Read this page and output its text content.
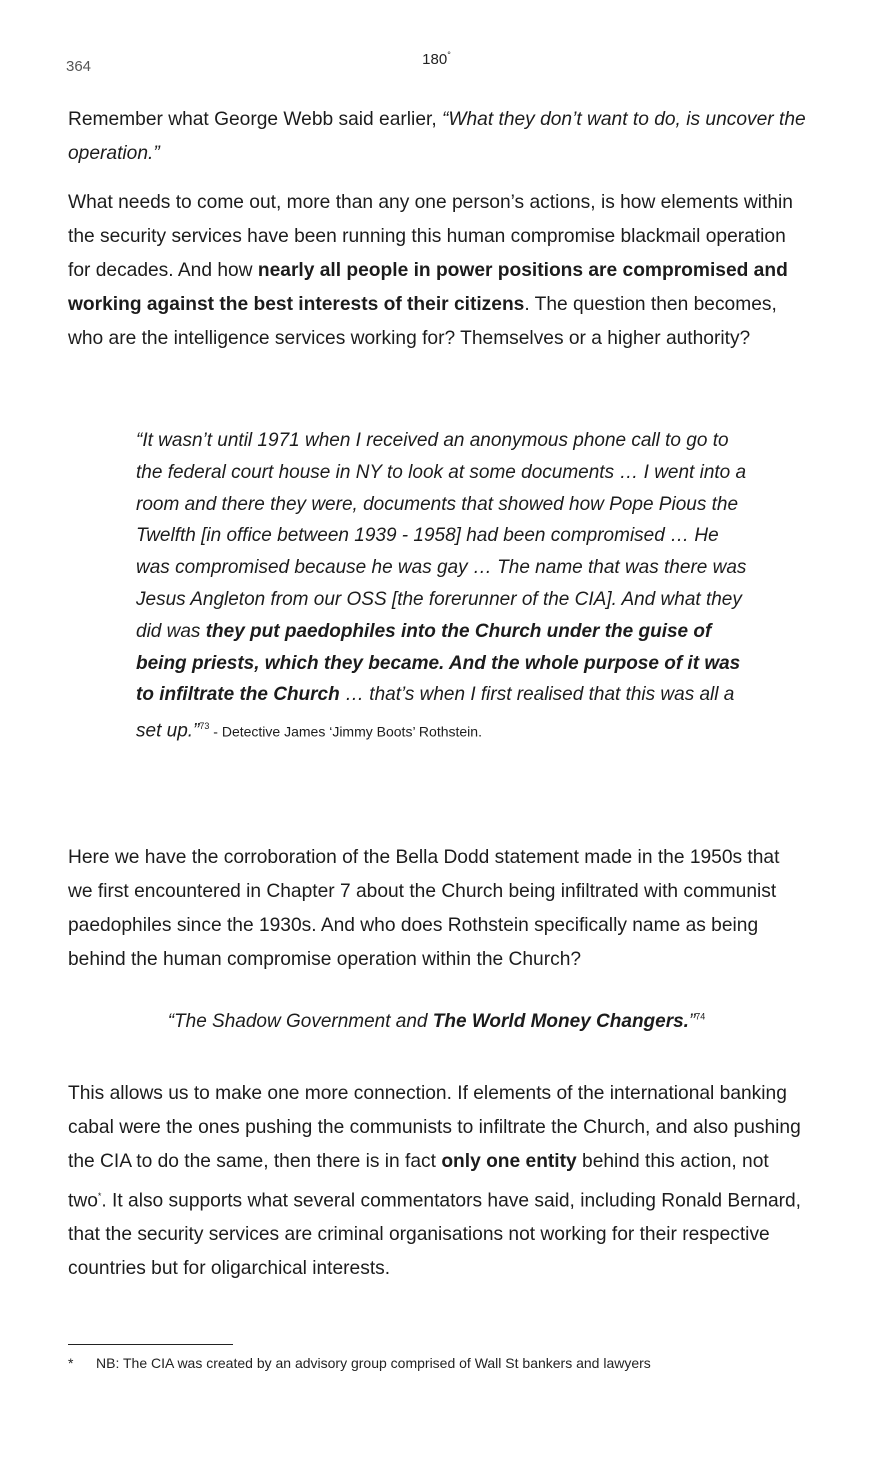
364	180°

Remember what George Webb said earlier, “What they don’t want to do, is uncover the operation.”

What needs to come out, more than any one person’s actions, is how elements within the security services have been running this human compromise blackmail operation for decades. And how nearly all people in power positions are compromised and working against the best interests of their citizens. The question then becomes, who are the intelligence services working for? Themselves or a higher authority?

“It wasn’t until 1971 when I received an anonymous phone call to go to the federal court house in NY to look at some documents … I went into a room and there they were, documents that showed how Pope Pious the Twelfth [in office between 1939 - 1958] had been compromised … He was compromised because he was gay … The name that was there was Jesus Angleton from our OSS [the forerunner of the CIA]. And what they did was they put paedophiles into the Church under the guise of being priests, which they became. And the whole purpose of it was to infiltrate the Church … that’s when I first realised that this was all a set up.”$^{73}$ - Detective James ‘Jimmy Boots’ Rothstein.

Here we have the corroboration of the Bella Dodd statement made in the 1950s that we first encountered in Chapter 7 about the Church being infiltrated with communist paedophiles since the 1930s. And who does Rothstein specifically name as being behind the human compromise operation within the Church?

“The Shadow Government and The World Money Changers.”$^{74}$

This allows us to make one more connection. If elements of the international banking cabal were the ones pushing the communists to infiltrate the Church, and also pushing the CIA to do the same, then there is in fact only one entity behind this action, not two*. It also supports what several commentators have said, including Ronald Bernard, that the security services are criminal organisations not working for their respective countries but for oligarchical interests.

* NB: The CIA was created by an advisory group comprised of Wall St bankers and lawyers
